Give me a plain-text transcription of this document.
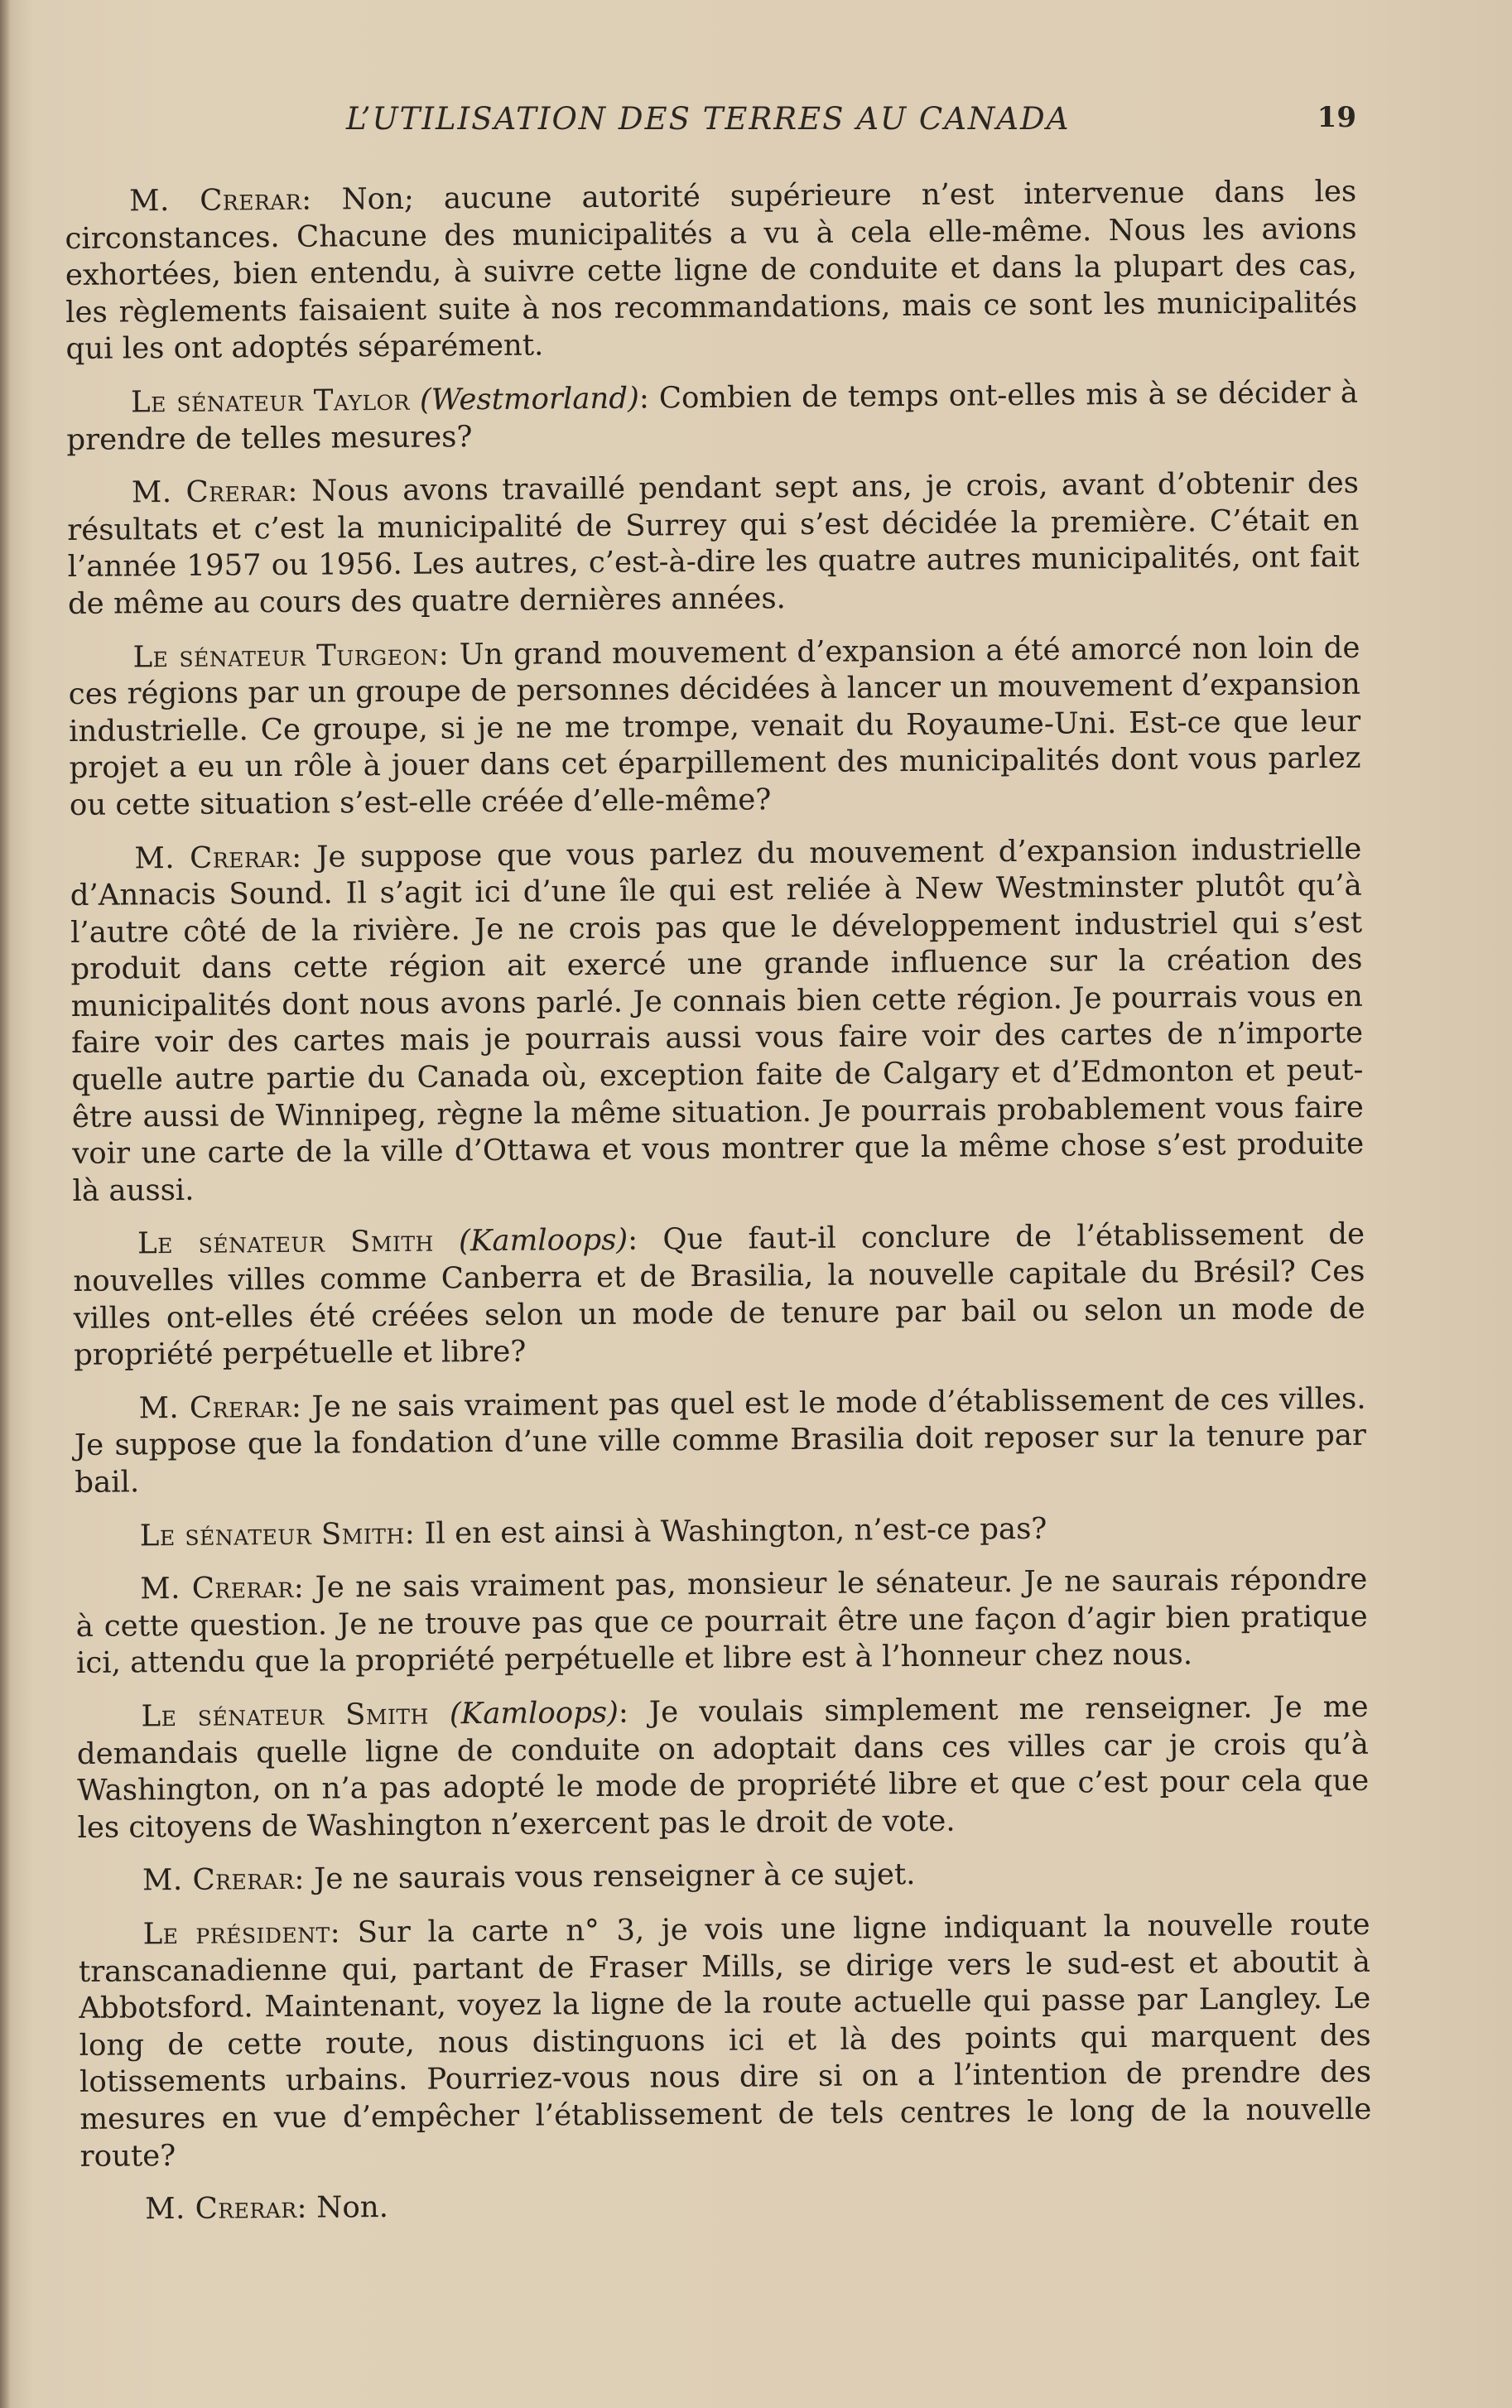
L’UTILISATION DES TERRES AU CANADA	19

M. Crerar: Non; aucune autorité supérieure n’est intervenue dans les circonstances. Chacune des municipalités a vu à cela elle-même. Nous les avions exhortées, bien entendu, à suivre cette ligne de conduite et dans la plupart des cas, les règlements faisaient suite à nos recommandations, mais ce sont les municipalités qui les ont adoptés séparément.

Le sénateur Taylor (Westmorland): Combien de temps ont-elles mis à se décider à prendre de telles mesures?

M. Crerar: Nous avons travaillé pendant sept ans, je crois, avant d’obtenir des résultats et c’est la municipalité de Surrey qui s’est décidée la première. C’était en l’année 1957 ou 1956. Les autres, c’est-à-dire les quatre autres municipalités, ont fait de même au cours des quatre dernières années.

Le sénateur Turgeon: Un grand mouvement d’expansion a été amorcé non loin de ces régions par un groupe de personnes décidées à lancer un mouvement d’expansion industrielle. Ce groupe, si je ne me trompe, venait du Royaume-Uni. Est-ce que leur projet a eu un rôle à jouer dans cet éparpillement des municipalités dont vous parlez ou cette situation s’est-elle créée d’elle-même?

M. Crerar: Je suppose que vous parlez du mouvement d’expansion industrielle d’Annacis Sound. Il s’agit ici d’une île qui est reliée à New Westminster plutôt qu’à l’autre côté de la rivière. Je ne crois pas que le développement industriel qui s’est produit dans cette région ait exercé une grande influence sur la création des municipalités dont nous avons parlé. Je connais bien cette région. Je pourrais vous en faire voir des cartes mais je pourrais aussi vous faire voir des cartes de n’importe quelle autre partie du Canada où, exception faite de Calgary et d’Edmonton et peut-être aussi de Winnipeg, règne la même situation. Je pourrais probablement vous faire voir une carte de la ville d’Ottawa et vous montrer que la même chose s’est produite là aussi.

Le sénateur Smith (Kamloops): Que faut-il conclure de l’établissement de nouvelles villes comme Canberra et de Brasilia, la nouvelle capitale du Brésil? Ces villes ont-elles été créées selon un mode de tenure par bail ou selon un mode de propriété perpétuelle et libre?

M. Crerar: Je ne sais vraiment pas quel est le mode d’établissement de ces villes. Je suppose que la fondation d’une ville comme Brasilia doit reposer sur la tenure par bail.

Le sénateur Smith: Il en est ainsi à Washington, n’est-ce pas?

M. Crerar: Je ne sais vraiment pas, monsieur le sénateur. Je ne saurais répondre à cette question. Je ne trouve pas que ce pourrait être une façon d’agir bien pratique ici, attendu que la propriété perpétuelle et libre est à l’honneur chez nous.

Le sénateur Smith (Kamloops): Je voulais simplement me renseigner. Je me demandais quelle ligne de conduite on adoptait dans ces villes car je crois qu’à Washington, on n’a pas adopté le mode de propriété libre et que c’est pour cela que les citoyens de Washington n’exercent pas le droit de vote.

M. Crerar: Je ne saurais vous renseigner à ce sujet.

Le président: Sur la carte n° 3, je vois une ligne indiquant la nouvelle route transcanadienne qui, partant de Fraser Mills, se dirige vers le sud-est et aboutit à Abbotsford. Maintenant, voyez la ligne de la route actuelle qui passe par Langley. Le long de cette route, nous distinguons ici et là des points qui marquent des lotissements urbains. Pourriez-vous nous dire si on a l’intention de prendre des mesures en vue d’empêcher l’établissement de tels centres le long de la nouvelle route?

M. Crerar: Non.
